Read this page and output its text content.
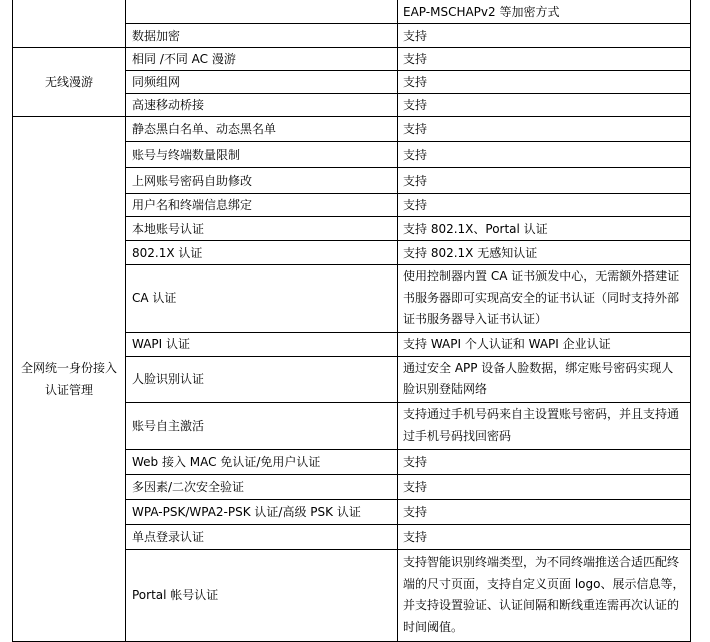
		EAP-MSCHAPv2 等加密方式
	数据加密	支持
无线漫游	相同 /不同 AC 漫游	支持
	同频组网	支持
	高速移动桥接	支持
全网统一身份接入认证管理	静态黑白名单、动态黑名单	支持
	账号与终端数量限制	支持
	上网账号密码自助修改	支持
	用户名和终端信息绑定	支持
	本地账号认证	支持 802.1X、Portal 认证
	802.1X 认证	支持 802.1X 无感知认证
	CA 认证	使用控制器内置 CA 证书颁发中心，无需额外搭建证书服务器即可实现高安全的证书认证（同时支持外部证书服务器导入证书认证）
	WAPI 认证	支持 WAPI 个人认证和 WAPI 企业认证
	人脸识别认证	通过安全 APP 设备人脸数据，绑定账号密码实现人脸识别登陆网络
	账号自主激活	支持通过手机号码来自主设置账号密码，并且支持通过手机号码找回密码
	Web 接入 MAC 免认证/免用户认证	支持
	多因素/二次安全验证	支持
	WPA-PSK/WPA2-PSK 认证/高级 PSK 认证	支持
	单点登录认证	支持
	Portal 帐号认证	支持智能识别终端类型，为不同终端推送合适匹配终端的尺寸页面，支持自定义页面 logo、展示信息等，并支持设置验证、认证间隔和断线重连需再次认证的时间阈值。
